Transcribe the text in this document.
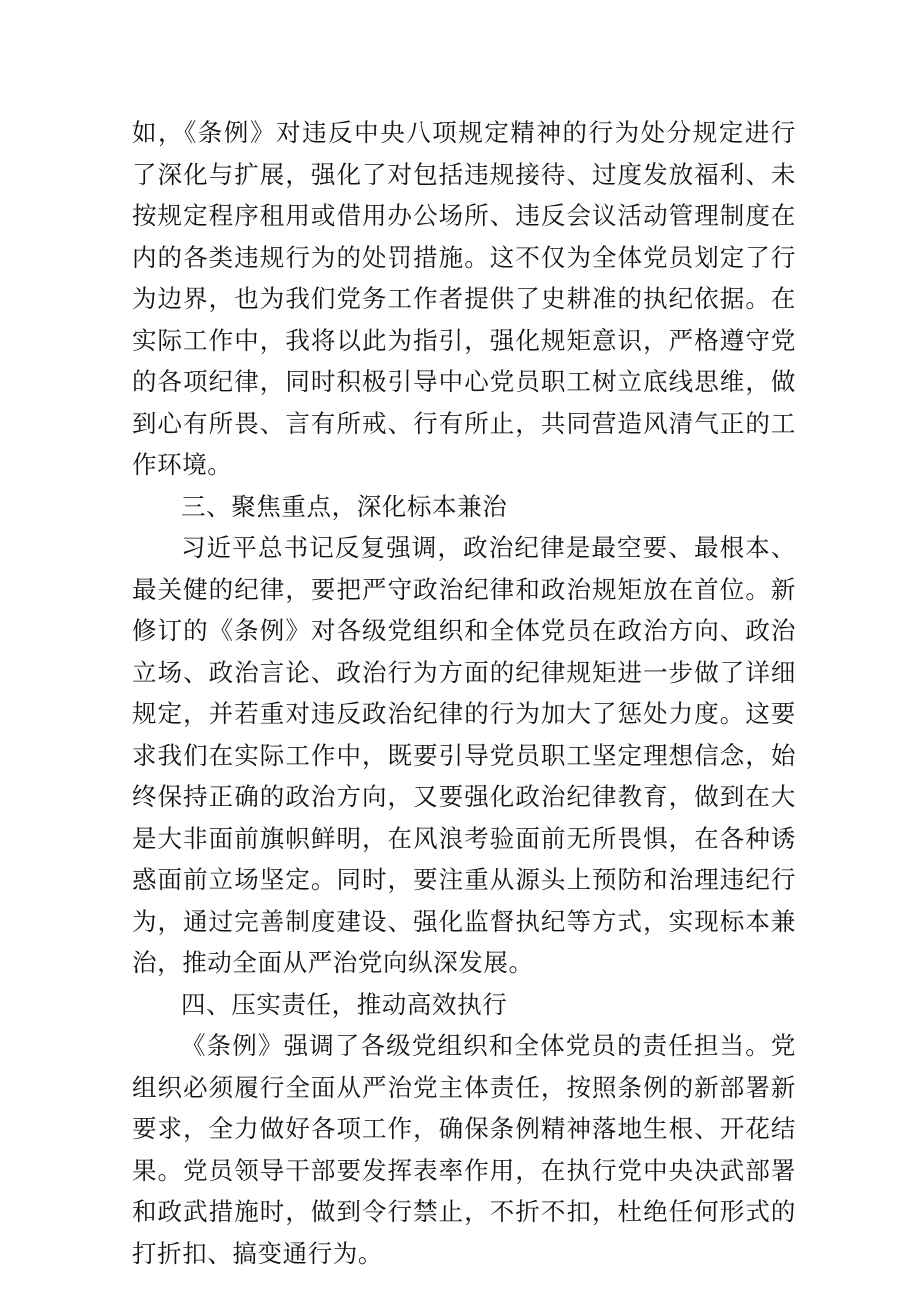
如，《条例》对违反中央八项规定精神的行为处分规定进行了深化与扩展，强化了对包括违规接待、过度发放福利、未按规定程序租用或借用办公场所、违反会议活动管理制度在内的各类违规行为的处罚措施。这不仅为全体党员划定了行为边界，也为我们党务工作者提供了史耕准的执纪依据。在实际工作中，我将以此为指引，强化规矩意识，严格遵守党的各项纪律，同时积极引导中心党员职工树立底线思维，做到心有所畏、言有所戒、行有所止，共同营造风清气正的工作环境。

三、聚焦重点，深化标本兼治

习近平总书记反复强调，政治纪律是最空要、最根本、最关健的纪律，要把严守政治纪律和政治规矩放在首位。新修订的《条例》对各级党组织和全体党员在政治方向、政治立场、政治言论、政治行为方面的纪律规矩进一步做了详细规定，并若重对违反政治纪律的行为加大了惩处力度。这要求我们在实际工作中，既要引导党员职工坚定理想信念，始终保持正确的政治方向，又要强化政治纪律教育，做到在大是大非面前旗帜鲜明，在风浪考验面前无所畏惧，在各种诱惑面前立场坚定。同时，要注重从源头上预防和治理违纪行为，通过完善制度建设、强化监督执纪等方式，实现标本兼治，推动全面从严治党向纵深发展。

四、压实责任，推动高效执行

《条例》强调了各级党组织和全体党员的责任担当。党组织必须履行全面从严治党主体责任，按照条例的新部署新要求，全力做好各项工作，确保条例精神落地生根、开花结果。党员领导干部要发挥表率作用，在执行党中央决武部署和政武措施时，做到令行禁止，不折不扣，杜绝任何形式的打折扣、搞变通行为。
